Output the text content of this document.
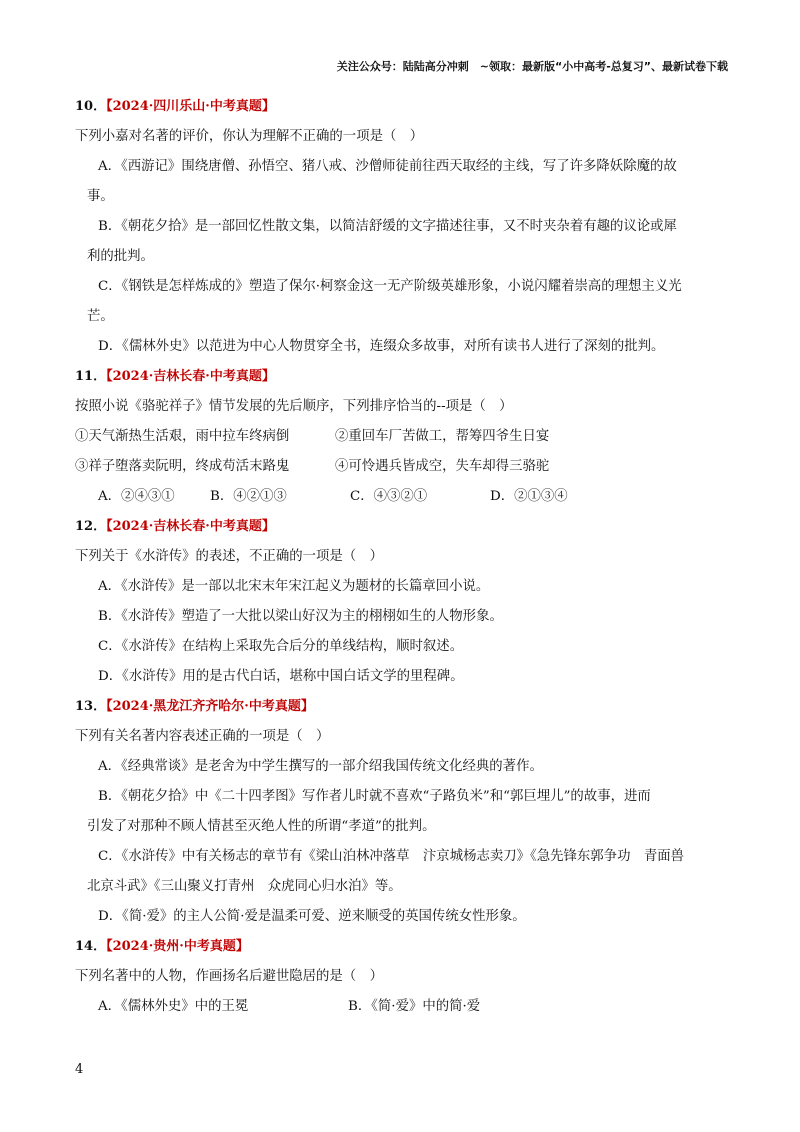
关注公众号：陆陆高分冲刺　~领取：最新版“小中高考-总复习”、最新试卷下载
10．【2024·四川乐山·中考真题】
下列小嘉对名著的评价，你认为理解不正确的一项是（　）
A．《西游记》围绕唐僧、孙悟空、猪八戒、沙僧师徒前往西天取经的主线，写了许多降妖除魔的故
事。
B．《朝花夕拾》是一部回忆性散文集，以简洁舒缓的文字描述往事，又不时夹杂着有趣的议论或犀
利的批判。
C．《钢铁是怎样炼成的》塑造了保尔·柯察金这一无产阶级英雄形象，小说闪耀着崇高的理想主义光
芒。
D．《儒林外史》以范进为中心人物贯穿全书，连缀众多故事，对所有读书人进行了深刻的批判。
11．【2024·吉林长春·中考真题】
按照小说《骆驼祥子》情节发展的先后顺序，下列排序恰当的--项是（　）
①天气渐热生活艰，雨中拉车终病倒	②重回车厂苦做工，帮筹四爷生日宴
③祥子堕落卖阮明，终成苟活末路鬼	④可怜遇兵皆成空，失车却得三骆驼
A．②④③①	B．④②①③	C．④③②①	D．②①③④
12．【2024·吉林长春·中考真题】
下列关于《水浒传》的表述，不正确的一项是（　）
A．《水浒传》是一部以北宋末年宋江起义为题材的长篇章回小说。
B．《水浒传》塑造了一大批以梁山好汉为主的栩栩如生的人物形象。
C．《水浒传》在结构上采取先合后分的单线结构，顺时叙述。
D．《水浒传》用的是古代白话，堪称中国白话文学的里程碑。
13．【2024·黑龙江齐齐哈尔·中考真题】
下列有关名著内容表述正确的一项是（　）
A．《经典常谈》是老舍为中学生撰写的一部介绍我国传统文化经典的著作。
B．《朝花夕拾》中《二十四孝图》写作者儿时就不喜欢“子路负米”和“郭巨埋儿”的故事，进而
引发了对那种不顾人情甚至灭绝人性的所谓“孝道”的批判。
C．《水浒传》中有关杨志的章节有《梁山泊林冲落草　汴京城杨志卖刀》《急先锋东郭争功　青面兽
北京斗武》《三山聚义打青州　众虎同心归水泊》等。
D．《简·爱》的主人公简·爱是温柔可爱、逆来顺受的英国传统女性形象。
14．【2024·贵州·中考真题】
下列名著中的人物，作画扬名后避世隐居的是（　）
A．《儒林外史》中的王冕	B．《简·爱》中的简·爱
4
